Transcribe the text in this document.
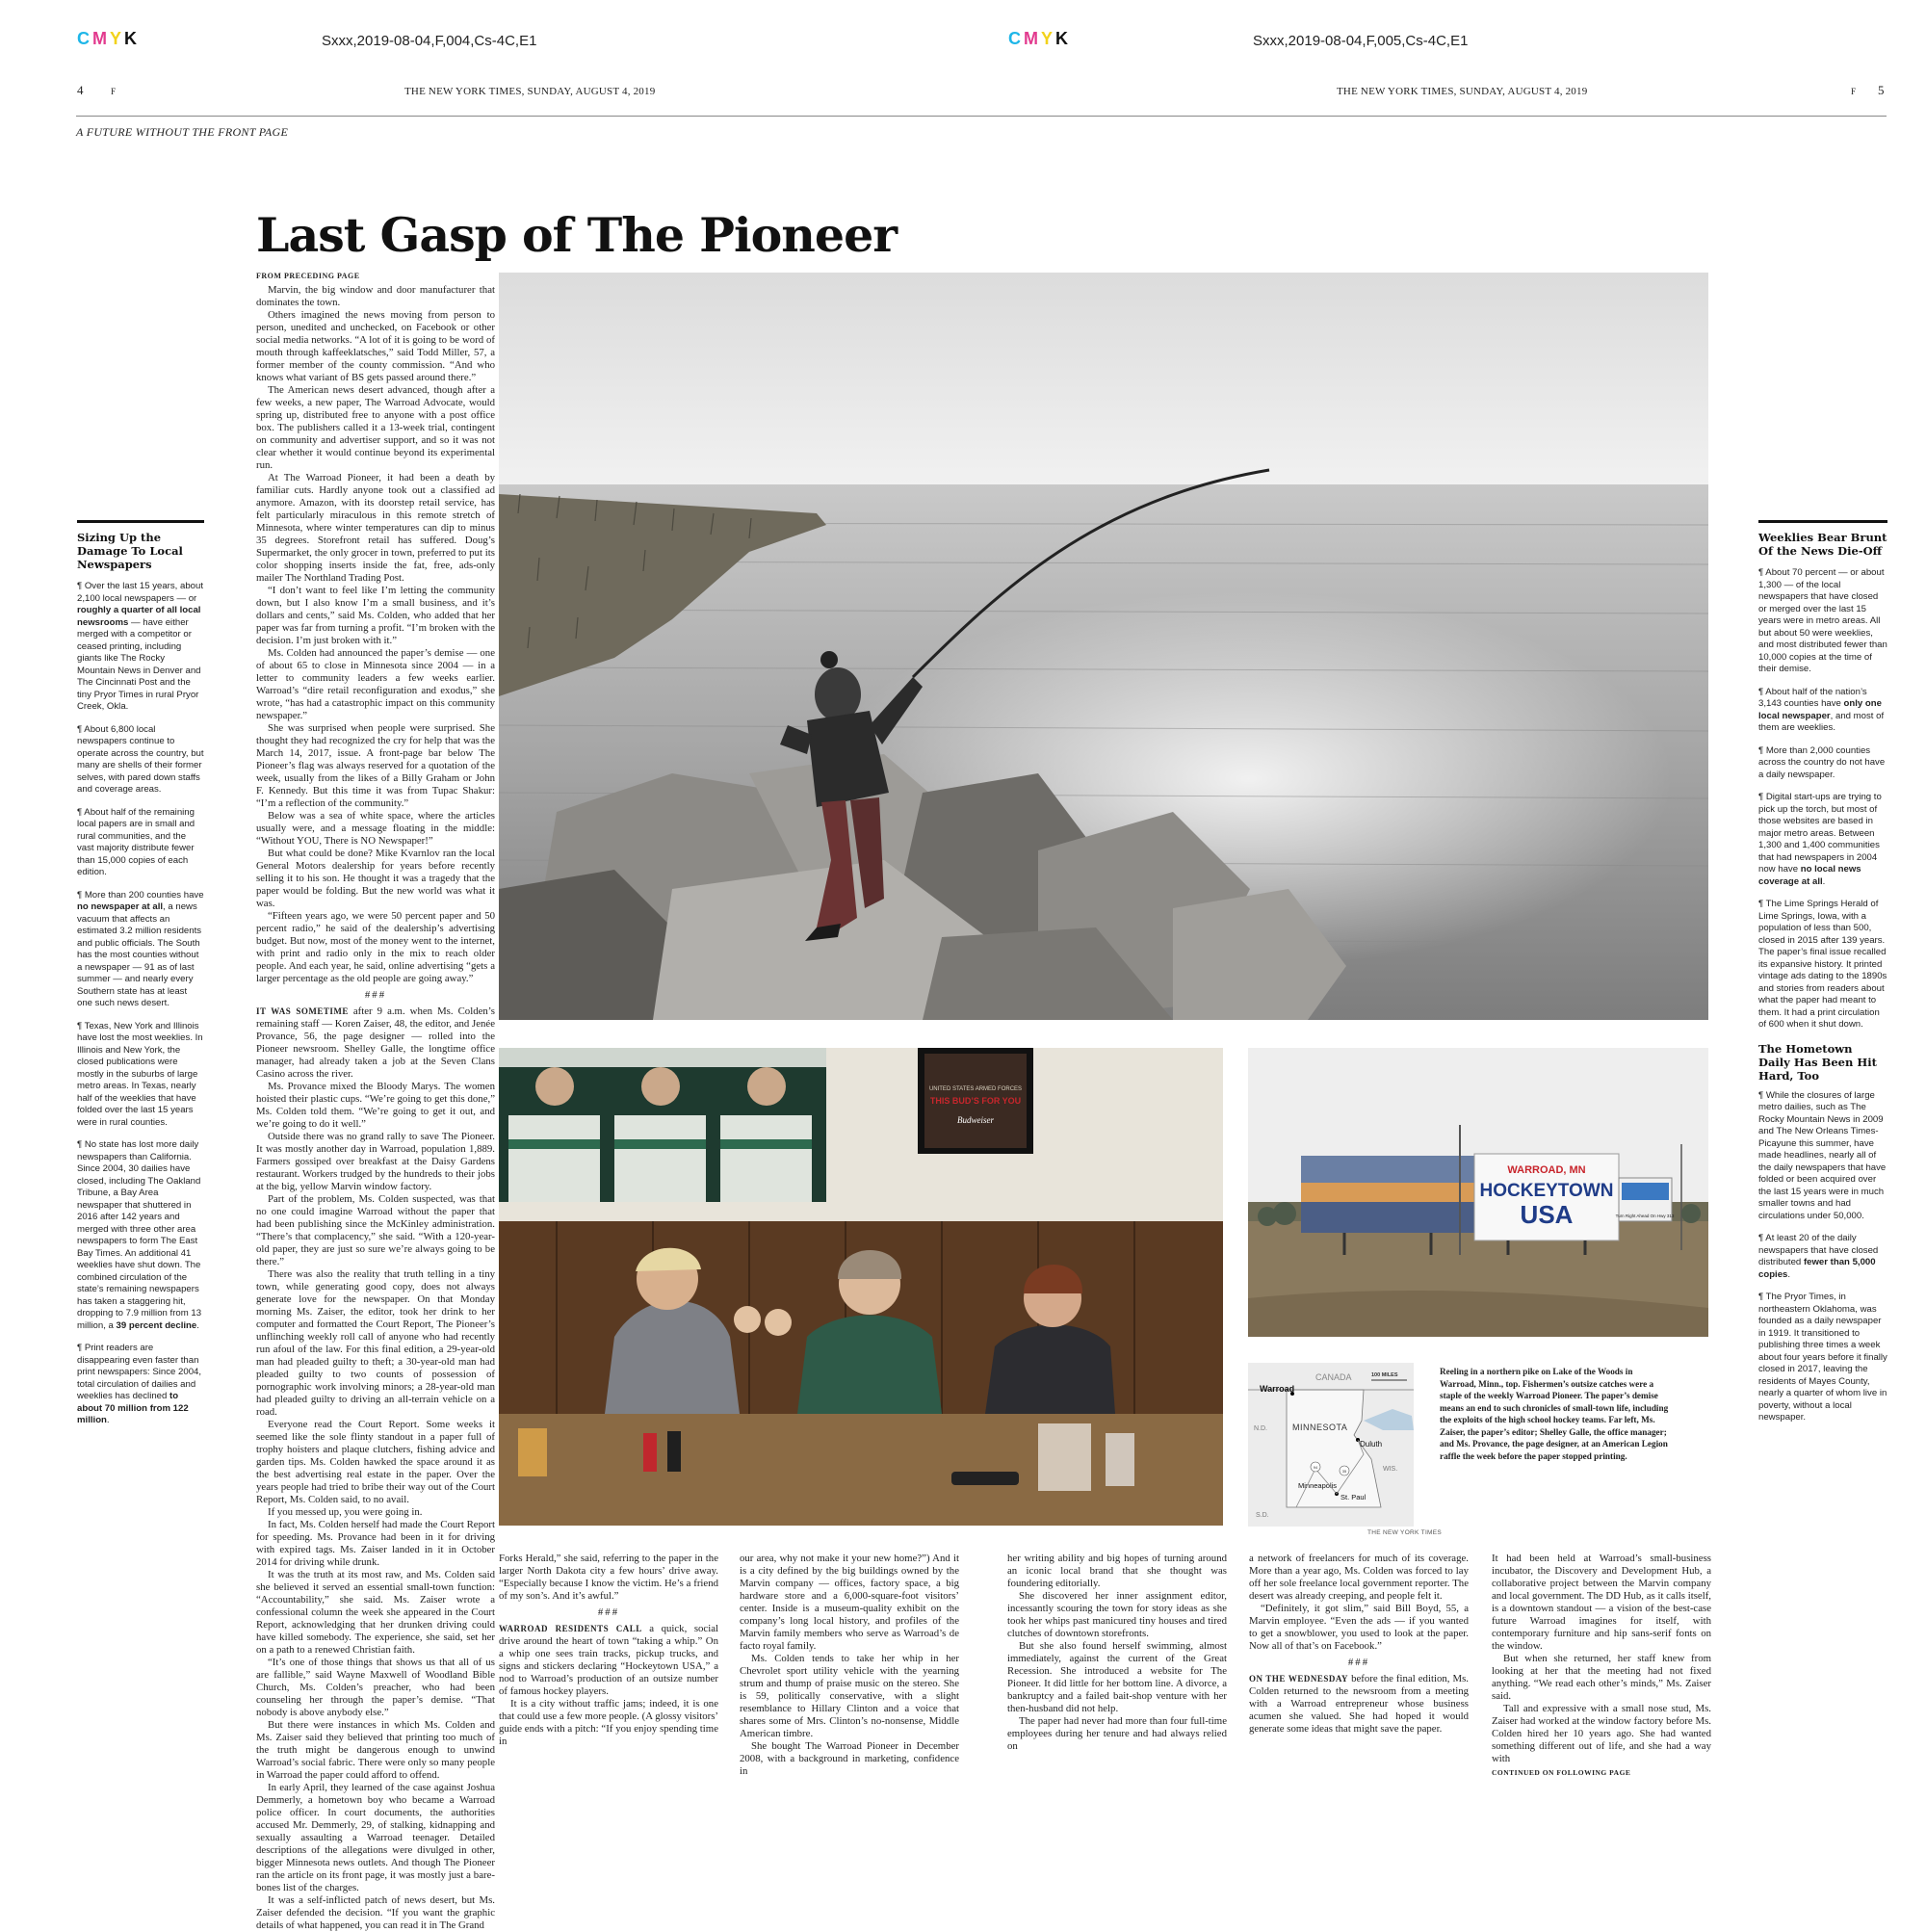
CMYK	Sxxx,2019-08-04,F,004,Cs-4C,E1	CMYK	Sxxx,2019-08-04,F,005,Cs-4C,E1
4	F	THE NEW YORK TIMES, SUNDAY, AUGUST 4, 2019	THE NEW YORK TIMES, SUNDAY, AUGUST 4, 2019	F 5
A FUTURE WITHOUT THE FRONT PAGE
Last Gasp of The Pioneer
Sizing Up the Damage To Local Newspapers

¶ Over the last 15 years, about 2,100 local newspapers — or roughly a quarter of all local newsrooms — have either merged with a competitor or ceased printing, including giants like The Rocky Mountain News in Denver and The Cincinnati Post and the tiny Pryor Times in rural Pryor Creek, Okla.

¶ About 6,800 local newspapers continue to operate across the country, but many are shells of their former selves, with pared down staffs and coverage areas.

¶ About half of the remaining local papers are in small and rural communities, and the vast majority distribute fewer than 15,000 copies of each edition.

¶ More than 200 counties have no newspaper at all, a news vacuum that affects an estimated 3.2 million residents and public officials. The South has the most counties without a newspaper — 91 as of last summer — and nearly every Southern state has at least one such news desert.

¶ Texas, New York and Illinois have lost the most weeklies. In Illinois and New York, the closed publications were mostly in the suburbs of large metro areas. In Texas, nearly half of the weeklies that have folded over the last 15 years were in rural counties.

¶ No state has lost more daily newspapers than California. Since 2004, 30 dailies have closed, including The Oakland Tribune, a Bay Area newspaper that shuttered in 2016 after 142 years and merged with three other area newspapers to form The East Bay Times. An additional 41 weeklies have shut down. The combined circulation of the state’s remaining newspapers has taken a staggering hit, dropping to 7.9 million from 13 million, a 39 percent decline.

¶ Print readers are disappearing even faster than print newspapers: Since 2004, total circulation of dailies and weeklies has declined to about 70 million from 122 million.

Weeklies Bear Brunt Of the News Die-Off

¶ About 70 percent — or about 1,300 — of the local newspapers that have closed or merged over the last 15 years were in metro areas. All but about 50 were weeklies, and most distributed fewer than 10,000 copies at the time of their demise.

¶ About half of the nation’s 3,143 counties have only one local newspaper, and most of them are weeklies.

¶ More than 2,000 counties across the country do not have a daily newspaper.

¶ Digital start-ups are trying to pick up the torch, but most of those websites are based in major metro areas. Between 1,300 and 1,400 communities that had newspapers in 2004 now have no local news coverage at all.

¶ The Lime Springs Herald of Lime Springs, Iowa, with a population of less than 500, closed in 2015 after 139 years. The paper’s final issue recalled its expansive history. It printed vintage ads dating to the 1890s and stories from readers about what the paper had meant to them. It had a print circulation of 600 when it shut down.

The Hometown Daily Has Been Hit Hard, Too

¶ While the closures of large metro dailies, such as The Rocky Mountain News in 2009 and The New Orleans Times-Picayune this summer, have made headlines, nearly all of the daily newspapers that have folded or been acquired over the last 15 years were in much smaller towns and had circulations under 50,000.

¶ At least 20 of the daily newspapers that have closed distributed fewer than 5,000 copies.

¶ The Pryor Times, in northeastern Oklahoma, was founded as a daily newspaper in 1919. It transitioned to publishing three times a week about four years before it finally closed in 2017, leaving the residents of Mayes County, nearly a quarter of whom live in poverty, without a local newspaper.

FROM PRECEDING PAGE

Marvin, the big window and door manufacturer that dominates the town.

Others imagined the news moving from person to person, unedited and unchecked, on Facebook or other social media networks. “A lot of it is going to be word of mouth through kaffeeklatsches,” said Todd Miller, 57, a former member of the county commission. “And who knows what variant of BS gets passed around there.”

The American news desert advanced, though after a few weeks, a new paper, The Warroad Advocate, would spring up, distributed free to anyone with a post office box. The publishers called it a 13-week trial, contingent on community and advertiser support, and so it was not clear whether it would continue beyond its experimental run.

At The Warroad Pioneer, it had been a death by familiar cuts. Hardly anyone took out a classified ad anymore. Amazon, with its doorstep retail service, has felt particularly miraculous in this remote stretch of Minnesota, where winter temperatures can dip to minus 35 degrees. Storefront retail has suffered. Doug’s Supermarket, the only grocer in town, preferred to put its color shopping inserts inside the fat, free, ads-only mailer The Northland Trading Post.

“I don’t want to feel like I’m letting the community down, but I also know I’m a small business, and it’s dollars and cents,” said Ms. Colden, who added that her paper was far from turning a profit. “I’m broken with the decision. I’m just broken with it.”

Ms. Colden had announced the paper’s demise — one of about 65 to close in Minnesota since 2004 — in a letter to community leaders a few weeks earlier. Warroad’s “dire retail reconfiguration and exodus,” she wrote, “has had a catastrophic impact on this community newspaper.”

She was surprised when people were surprised. She thought they had recognized the cry for help that was the March 14, 2017, issue. A front-page bar below The Pioneer’s flag was always reserved for a quotation of the week, usually from the likes of a Billy Graham or John F. Kennedy. But this time it was from Tupac Shakur: “I’m a reflection of the community.”

Below was a sea of white space, where the articles usually were, and a message floating in the middle: “Without YOU, There is NO Newspaper!”

But what could be done? Mike Kvarnlov ran the local General Motors dealership for years before recently selling it to his son. He thought it was a tragedy that the paper would be folding. But the new world was what it was.

“Fifteen years ago, we were 50 percent paper and 50 percent radio,” he said of the dealership’s advertising budget. But now, most of the money went to the internet, with print and radio only in the mix to reach older people. And each year, he said, online advertising “gets a larger percentage as the old people are going away.”

###

IT WAS SOMETIME after 9 a.m. when Ms. Colden’s remaining staff — Koren Zaiser, 48, the editor, and Jenée Provance, 56, the page designer — rolled into the Pioneer newsroom. Shelley Galle, the longtime office manager, had already taken a job at the Seven Clans Casino across the river.

Ms. Provance mixed the Bloody Marys. The women hoisted their plastic cups. “We’re going to get this done,” Ms. Colden told them. “We’re going to get it out, and we’re going to do it well.”

Outside there was no grand rally to save The Pioneer. It was mostly another day in Warroad, population 1,889. Farmers gossiped over breakfast at the Daisy Gardens restaurant. Workers trudged by the hundreds to their jobs at the big, yellow Marvin window factory.

Part of the problem, Ms. Colden suspected, was that no one could imagine Warroad without the paper that had been publishing since the McKinley administration. “There’s that complacency,” she said. “With a 120-year-old paper, they are just so sure we’re always going to be there.”

There was also the reality that truth telling in a tiny town, while generating good copy, does not always generate love for the newspaper. On that Monday morning Ms. Zaiser, the editor, took her drink to her computer and formatted the Court Report, The Pioneer’s unflinching weekly roll call of anyone who had recently run afoul of the law. For this final edition, a 29-year-old man had pleaded guilty to theft; a 30-year-old man had pleaded guilty to two counts of possession of pornographic work involving minors; a 28-year-old man had pleaded guilty to driving an all-terrain vehicle on a road.

Everyone read the Court Report. Some weeks it seemed like the sole flinty standout in a paper full of trophy hoisters and plaque clutchers, fishing advice and garden tips. Ms. Colden hawked the space around it as the best advertising real estate in the paper. Over the years people had tried to bribe their way out of the Court Report, Ms. Colden said, to no avail.

If you messed up, you were going in.

In fact, Ms. Colden herself had made the Court Report for speeding. Ms. Provance had been in it for driving with expired tags. Ms. Zaiser landed in it in October 2014 for driving while drunk.

It was the truth at its most raw, and Ms. Colden said she believed it served an essential small-town function: “Accountability,” she said. Ms. Zaiser wrote a confessional column the week she appeared in the Court Report, acknowledging that her drunken driving could have killed somebody. The experience, she said, set her on a path to a renewed Christian faith.

“It’s one of those things that shows us that all of us are fallible,” said Wayne Maxwell of Woodland Bible Church, Ms. Colden’s preacher, who had been counseling her through the paper’s demise. “That nobody is above anybody else.”

But there were instances in which Ms. Colden and Ms. Zaiser said they believed that printing too much of the truth might be dangerous enough to unwind Warroad’s social fabric. There were only so many people in Warroad the paper could afford to offend.

In early April, they learned of the case against Joshua Demmerly, a hometown boy who became a Warroad police officer. In court documents, the authorities accused Mr. Demmerly, 29, of stalking, kidnapping and sexually assaulting a Warroad teenager. Detailed descriptions of the allegations were divulged in other, bigger Minnesota news outlets. And though The Pioneer ran the article on its front page, it was mostly just a bare-bones list of the charges.

It was a self-inflicted patch of news desert, but Ms. Zaiser defended the decision. “If you want the graphic details of what happened, you can read it in The Grand

Forks Herald,” she said, referring to the paper in the larger North Dakota city a few hours’ drive away. “Especially because I know the victim. He’s a friend of my son’s. And it’s awful.”

###

WARROAD RESIDENTS CALL a quick, social drive around the heart of town “taking a whip.” On a whip one sees train tracks, pickup trucks, and signs and stickers declaring “Hockeytown USA,” a nod to Warroad’s production of an outsize number of famous hockey players.

It is a city without traffic jams; indeed, it is one that could use a few more people. (A glossy visitors’ guide ends with a pitch: “If you enjoy spending time in

our area, why not make it your new home?”) And it is a city defined by the big buildings owned by the Marvin company — offices, factory space, a big hardware store and a 6,000-square-foot visitors’ center. Inside is a museum-quality exhibit on the company’s long local history, and profiles of the Marvin family members who serve as Warroad’s de facto royal family.

Ms. Colden tends to take her whip in her Chevrolet sport utility vehicle with the yearning strum and thump of praise music on the stereo. She is 59, politically conservative, with a slight resemblance to Hillary Clinton and a voice that shares some of Mrs. Clinton’s no-nonsense, Middle American timbre.

She bought The Warroad Pioneer in December 2008, with a background in marketing, confidence in

her writing ability and big hopes of turning around an iconic local brand that she thought was foundering editorially.

She discovered her inner assignment editor, incessantly scouring the town for story ideas as she took her whips past manicured tiny houses and tired clutches of downtown storefronts.

But she also found herself swimming, almost immediately, against the current of the Great Recession. She introduced a website for The Pioneer. It did little for her bottom line. A divorce, a bankruptcy and a failed bait-shop venture with her then-husband did not help.

The paper had never had more than four full-time employees during her tenure and had always relied on

a network of freelancers for much of its coverage. More than a year ago, Ms. Colden was forced to lay off her sole freelance local government reporter. The desert was already creeping, and people felt it.

“Definitely, it got slim,” said Bill Boyd, 55, a Marvin employee. “Even the ads — if you wanted to get a snowblower, you used to look at the paper. Now all of that’s on Facebook.”

###

ON THE WEDNESDAY before the final edition, Ms. Colden returned to the newsroom from a meeting with a Warroad entrepreneur whose business acumen she valued. She had hoped it would generate some ideas that might save the paper.

It had been held at Warroad’s small-business incubator, the Discovery and Development Hub, a collaborative project between the Marvin company and local government. The DD Hub, as it calls itself, is a downtown standout — a vision of the best-case future Warroad imagines for itself, with contemporary furniture and hip sans-serif fonts on the window.

But when she returned, her staff knew from looking at her that the meeting had not fixed anything. “We read each other’s minds,” Ms. Zaiser said.

Tall and expressive with a small nose stud, Ms. Zaiser had worked at the window factory before Ms. Colden hired her 10 years ago. She had wanted something different out of life, and she had a way with

CONTINUED ON FOLLOWING PAGE

UNITED STATES ARMED FORCES
THIS BUD’S FOR YOU
Budweiser
WARROAD, MN
HOCKEYTOWN
USA	Turn Right Ahead On Hwy 313
CANADA	100 MILES
Warroad
N.D.	MINNESOTA
Duluth
WIS.
Minneapolis
St. Paul
S.D.
94
35
THE NEW YORK TIMES
Reeling in a northern pike on Lake of the Woods in Warroad, Minn., top. Fishermen’s outsize catches were a staple of the weekly Warroad Pioneer. The paper’s demise means an end to such chronicles of small-town life, including the exploits of the high school hockey teams. Far left, Ms. Zaiser, the paper’s editor; Shelley Galle, the office manager; and Ms. Provance, the page designer, at an American Legion raffle the week before the paper stopped printing.
